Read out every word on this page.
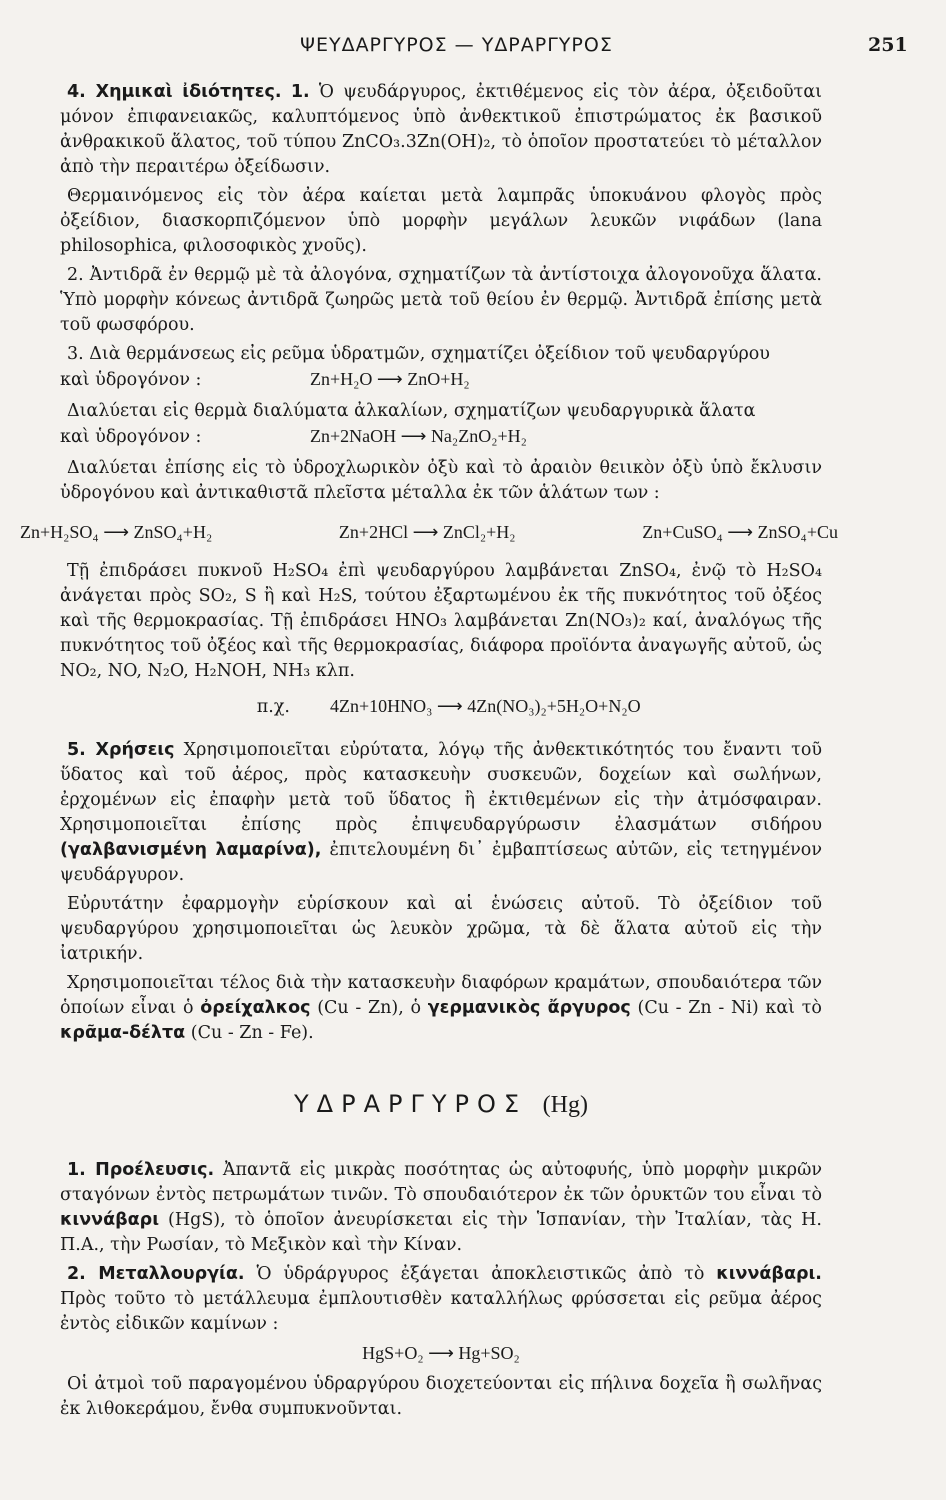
ΨΕΥΔΑΡΓΥΡΟΣ — ΥΔΡΑΡΓΥΡΟΣ	251

4. Χημικαὶ ἰδιότητες. 1. Ὁ ψευδάργυρος, ἐκτιθέμενος εἰς τὸν ἀέρα, ὀξειδοῦται μόνον ἐπιφανειακῶς, καλυπτόμενος ὑπὸ ἀνθεκτικοῦ ἐπιστρώματος ἐκ βασικοῦ ἀνθρακικοῦ ἅλατος, τοῦ τύπου ZnCO₃.3Zn(OH)₂, τὸ ὁποῖον προστατεύει τὸ μέταλλον ἀπὸ τὴν περαιτέρω ὀξείδωσιν.

Θερμαινόμενος εἰς τὸν ἀέρα καίεται μετὰ λαμπρᾶς ὑποκυάνου φλογὸς πρὸς ὀξείδιον, διασκορπιζόμενον ὑπὸ μορφὴν μεγάλων λευκῶν νιφάδων (lana philosophica, φιλοσοφικὸς χνοῦς).

2. Ἀντιδρᾶ ἐν θερμῷ μὲ τὰ ἀλογόνα, σχηματίζων τὰ ἀντίστοιχα ἀλογονοῦχα ἅλατα. Ὑπὸ μορφὴν κόνεως ἀντιδρᾶ ζωηρῶς μετὰ τοῦ θείου ἐν θερμῷ. Ἀντιδρᾶ ἐπίσης μετὰ τοῦ φωσφόρου.

3. Διὰ θερμάνσεως εἰς ρεῦμα ὑδρατμῶν, σχηματίζει ὀξείδιον τοῦ ψευδαργύρου

καὶ ὑδρογόνον :	Zn+H₂O ⟶ ZnO+H₂

Διαλύεται εἰς θερμὰ διαλύματα ἀλκαλίων, σχηματίζων ψευδαργυρικὰ ἅλατα

καὶ ὑδρογόνον :	Zn+2NaOH ⟶ Na₂ZnO₂+H₂

Διαλύεται ἐπίσης εἰς τὸ ὑδροχλωρικὸν ὀξὺ καὶ τὸ ἀραιὸν θειικὸν ὀξὺ ὑπὸ ἔκλυσιν ὑδρογόνου καὶ ἀντικαθιστᾶ πλεῖστα μέταλλα ἐκ τῶν ἁλάτων των :

Zn+H₂SO₄ ⟶ ZnSO₄+H₂	Zn+2HCl ⟶ ZnCl₂+H₂	Zn+CuSO₄ ⟶ ZnSO₄+Cu

Τῇ ἐπιδράσει πυκνοῦ H₂SO₄ ἐπὶ ψευδαργύρου λαμβάνεται ZnSO₄, ἐνῷ τὸ H₂SO₄ ἀνάγεται πρὸς SO₂, S ἢ καὶ H₂S, τούτου ἐξαρτωμένου ἐκ τῆς πυκνότητος τοῦ ὀξέος καὶ τῆς θερμοκρασίας. Τῇ ἐπιδράσει HNO₃ λαμβάνεται Zn(NO₃)₂ καί, ἀναλόγως τῆς πυκνότητος τοῦ ὀξέος καὶ τῆς θερμοκρασίας, διάφορα προϊόντα ἀναγωγῆς αὐτοῦ, ὡς NO₂, NO, N₂O, H₂NOH, NH₃ κλπ.

π.χ.	4Zn+10HNO₃ ⟶ 4Zn(NO₃)₂+5H₂O+N₂O

5. Χρήσεις Χρησιμοποιεῖται εὐρύτατα, λόγῳ τῆς ἀνθεκτικότητός του ἔναντι τοῦ ὕδατος καὶ τοῦ ἀέρος, πρὸς κατασκευὴν συσκευῶν, δοχείων καὶ σωλήνων, ἐρχομένων εἰς ἐπαφὴν μετὰ τοῦ ὕδατος ἢ ἐκτιθεμένων εἰς τὴν ἀτμόσφαιραν. Χρησιμοποιεῖται ἐπίσης πρὸς ἐπιψευδαργύρωσιν ἐλασμάτων σιδήρου (γαλβανισμένη λαμαρίνα), ἐπιτελουμένη δι᾽ ἐμβαπτίσεως αὐτῶν, εἰς τετηγμένον ψευδάργυρον.

Εὐρυτάτην ἐφαρμογὴν εὑρίσκουν καὶ αἱ ἑνώσεις αὐτοῦ. Τὸ ὀξείδιον τοῦ ψευδαργύρου χρησιμοποιεῖται ὡς λευκὸν χρῶμα, τὰ δὲ ἅλατα αὐτοῦ εἰς τὴν ἰατρικήν.

Χρησιμοποιεῖται τέλος διὰ τὴν κατασκευὴν διαφόρων κραμάτων, σπουδαιότερα τῶν ὁποίων εἶναι ὁ ὀρείχαλκος (Cu - Zn), ὁ γερμανικὸς ἄργυρος (Cu - Zn - Ni) καὶ τὸ κρᾶμα-δέλτα (Cu - Zn - Fe).

ΥΔΡΑΡΓΥΡΟΣ (Hg)

1. Προέλευσις. Ἀπαντᾶ εἰς μικρὰς ποσότητας ὡς αὐτοφυής, ὑπὸ μορφὴν μικρῶν σταγόνων ἐντὸς πετρωμάτων τινῶν. Τὸ σπουδαιότερον ἐκ τῶν ὀρυκτῶν του εἶναι τὸ κιννάβαρι (HgS), τὸ ὁποῖον ἀνευρίσκεται εἰς τὴν Ἱσπανίαν, τὴν Ἰταλίαν, τὰς Η. Π.Α., τὴν Ρωσίαν, τὸ Μεξικὸν καὶ τὴν Κίναν.

2. Μεταλλουργία. Ὁ ὑδράργυρος ἐξάγεται ἀποκλειστικῶς ἀπὸ τὸ κιννάβαρι. Πρὸς τοῦτο τὸ μετάλλευμα ἐμπλουτισθὲν καταλλήλως φρύσσεται εἰς ρεῦμα ἀέρος ἐντὸς εἰδικῶν καμίνων :

HgS+O₂ ⟶ Hg+SO₂

Οἱ ἀτμοὶ τοῦ παραγομένου ὑδραργύρου διοχετεύονται εἰς πήλινα δοχεῖα ἢ σωλῆνας ἐκ λιθοκεράμου, ἔνθα συμπυκνοῦνται.
